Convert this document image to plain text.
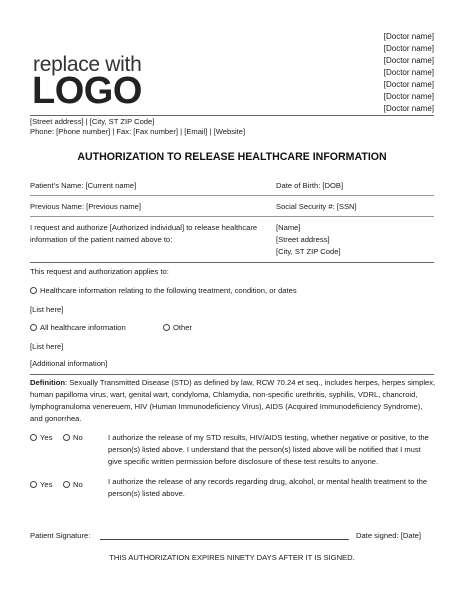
replace with
LOGO
[Doctor name]
[Doctor name]
[Doctor name]
[Doctor name]
[Doctor name]
[Doctor name]
[Doctor name]
[Street address] | [City, ST ZIP Code]
Phone: [Phone number] | Fax: [Fax number] | [Email] | [Website]
AUTHORIZATION TO RELEASE HEALTHCARE INFORMATION
Patient’s Name: [Current name]	Date of Birth: [DOB]
Previous Name: [Previous name]	Social Security #: [SSN]
I request and authorize [Authorized individual] to release healthcare
information of the patient named above to:
[Name]
[Street address]
[City, ST ZIP Code]
This request and authorization applies to:
Healthcare information relating to the following treatment, condition, or dates
[List here]
All healthcare information	Other
[List here]
[Additional information]
Definition: Sexually Transmitted Disease (STD) as defined by law, RCW 70.24 et seq., includes herpes, herpes simplex,
human papilloma virus, wart, genital wart, condyloma, Chlamydia, non-specific urethritis, syphilis, VDRL, chancroid,
lymphogranuloma venereuem, HIV (Human Immunodeficiency Virus), AIDS (Acquired Immunodeficiency Syndrome),
and gonorrhea.
Yes	No	I authorize the release of my STD results, HIV/AIDS testing, whether negative or positive, to the
person(s) listed above. I understand that the person(s) listed above will be notified that I must
give specific written permission before disclosure of these test results to anyone.
Yes	No	I authorize the release of any records regarding drug, alcohol, or mental health treatment to the
person(s) listed above.
Patient Signature:	Date signed: [Date]
THIS AUTHORIZATION EXPIRES NINETY DAYS AFTER IT IS SIGNED.
